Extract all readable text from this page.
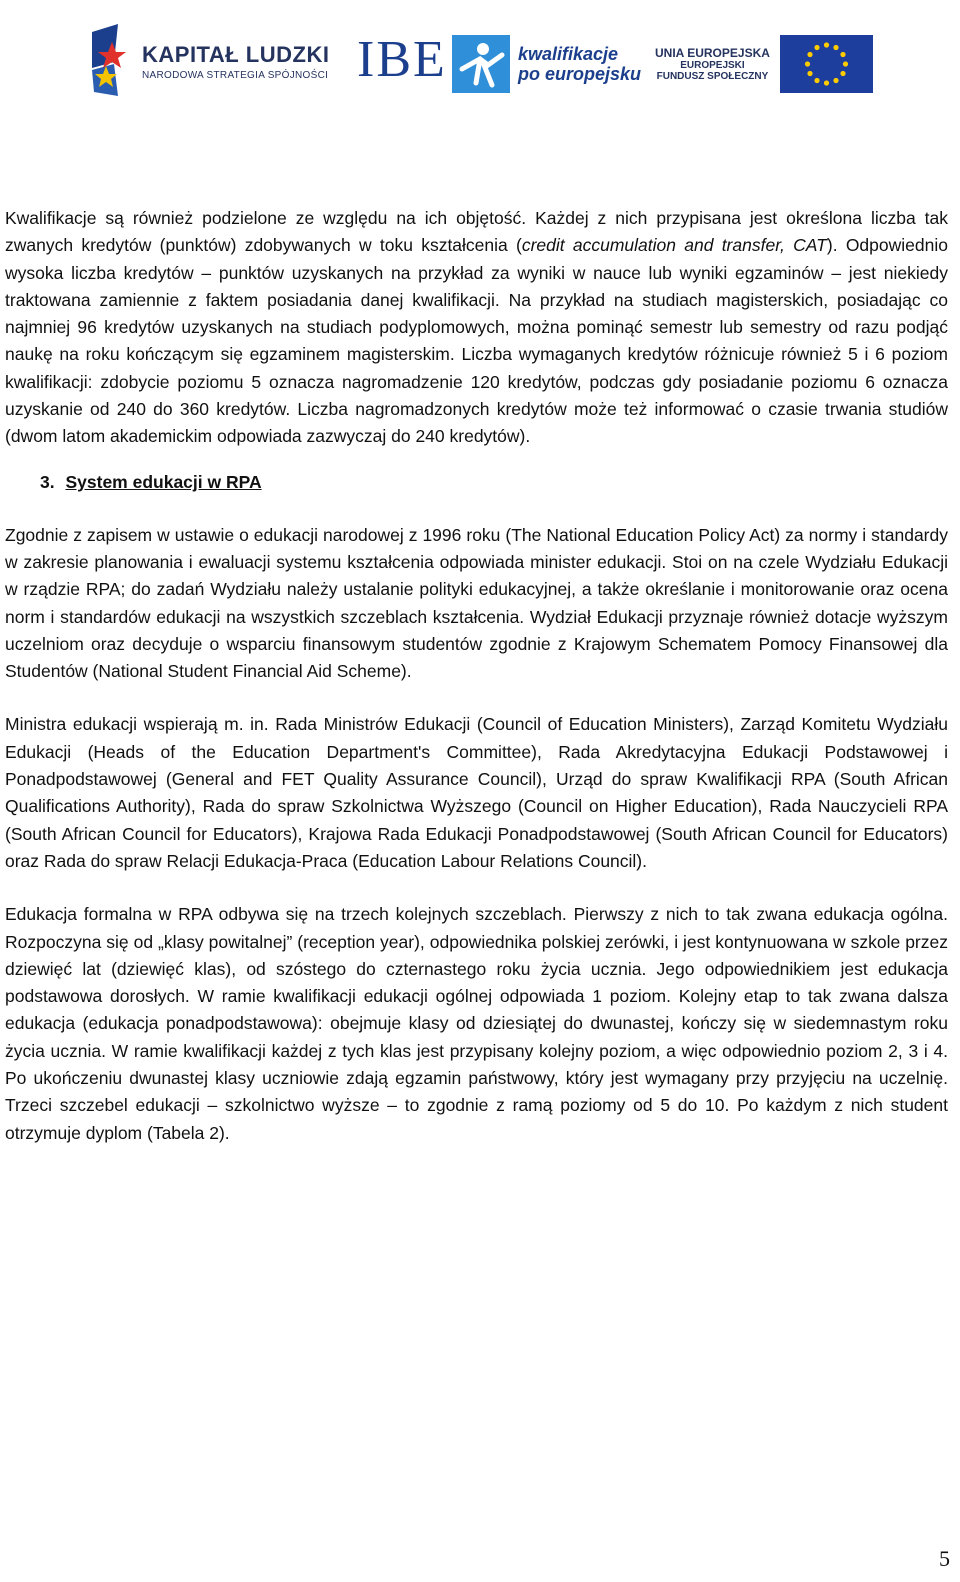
KAPITAŁ LUDZKI
NARODOWA STRATEGIA SPÓJNOŚCI IBE	kwalifikacje
po europejsku
UNIA EUROPEJSKA
EUROPEJSKI
FUNDUSZ SPOŁECZNY

Kwalifikacje są również podzielone ze względu na ich objętość. Każdej z nich przypisana jest określona liczba tak zwanych kredytów (punktów) zdobywanych w toku kształcenia (credit accumulation and transfer, CAT). Odpowiednio wysoka liczba kredytów – punktów uzyskanych na przykład za wyniki w nauce lub wyniki egzaminów – jest niekiedy traktowana zamiennie z faktem posiadania danej kwalifikacji. Na przykład na studiach magisterskich, posiadając co najmniej 96 kredytów uzyskanych na studiach podyplomowych, można pominąć semestr lub semestry od razu podjąć naukę na roku kończącym się egzaminem magisterskim. Liczba wymaganych kredytów różnicuje również 5 i 6 poziom kwalifikacji: zdobycie poziomu 5 oznacza nagromadzenie 120 kredytów, podczas gdy posiadanie poziomu 6 oznacza uzyskanie od 240 do 360 kredytów. Liczba nagromadzonych kredytów może też informować o czasie trwania studiów (dwom latom akademickim odpowiada zazwyczaj do 240 kredytów).

3. System edukacji w RPA

Zgodnie z zapisem w ustawie o edukacji narodowej z 1996 roku (The National Education Policy Act) za normy i standardy w zakresie planowania i ewaluacji systemu kształcenia odpowiada minister edukacji. Stoi on na czele Wydziału Edukacji w rządzie RPA; do zadań Wydziału należy ustalanie polityki edukacyjnej, a także określanie i monitorowanie oraz ocena norm i standardów edukacji na wszystkich szczeblach kształcenia. Wydział Edukacji przyznaje również dotacje wyższym uczelniom oraz decyduje o wsparciu finansowym studentów zgodnie z Krajowym Schematem Pomocy Finansowej dla Studentów (National Student Financial Aid Scheme).

Ministra edukacji wspierają m. in. Rada Ministrów Edukacji (Council of Education Ministers), Zarząd Komitetu Wydziału Edukacji (Heads of the Education Department's Committee), Rada Akredytacyjna Edukacji Podstawowej i Ponadpodstawowej (General and FET Quality Assurance Council), Urząd do spraw Kwalifikacji RPA (South African Qualifications Authority), Rada do spraw Szkolnictwa Wyższego (Council on Higher Education), Rada Nauczycieli RPA (South African Council for Educators), Krajowa Rada Edukacji Ponadpodstawowej (South African Council for Educators) oraz Rada do spraw Relacji Edukacja-Praca (Education Labour Relations Council).

Edukacja formalna w RPA odbywa się na trzech kolejnych szczeblach. Pierwszy z nich to tak zwana edukacja ogólna. Rozpoczyna się od „klasy powitalnej” (reception year), odpowiednika polskiej zerówki, i jest kontynuowana w szkole przez dziewięć lat (dziewięć klas), od szóstego do czternastego roku życia ucznia. Jego odpowiednikiem jest edukacja podstawowa dorosłych. W ramie kwalifikacji edukacji ogólnej odpowiada 1 poziom. Kolejny etap to tak zwana dalsza edukacja (edukacja ponadpodstawowa): obejmuje klasy od dziesiątej do dwunastej, kończy się w siedemnastym roku życia ucznia. W ramie kwalifikacji każdej z tych klas jest przypisany kolejny poziom, a więc odpowiednio poziom 2, 3 i 4. Po ukończeniu dwunastej klasy uczniowie zdają egzamin państwowy, który jest wymagany przy przyjęciu na uczelnię. Trzeci szczebel edukacji – szkolnictwo wyższe – to zgodnie z ramą poziomy od 5 do 10. Po każdym z nich student otrzymuje dyplom (Tabela 2).

5
